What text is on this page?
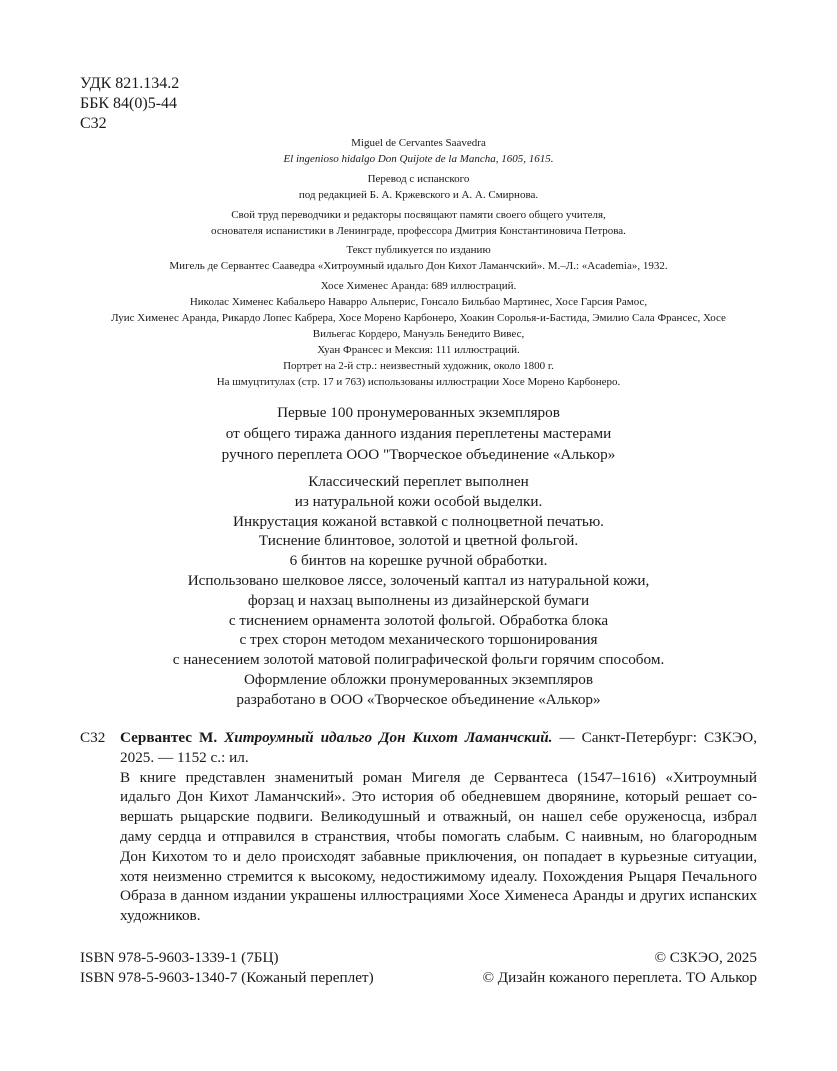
УДК 821.134.2
ББК 84(0)5-44
С32
Miguel de Cervantes Saavedra
El ingenioso hidalgo Don Quijote de la Mancha, 1605, 1615.
Перевод с испанского
под редакцией Б. А. Кржевского и А. А. Смирнова.
Свой труд переводчики и редакторы посвящают памяти своего общего учителя,
основателя испанистики в Ленинграде, профессора Дмитрия Константиновича Петрова.
Текст публикуется по изданию
Мигель де Сервантес Сааведра «Хитроумный идальго Дон Кихот Ламанчский». М.–Л.: «Academia», 1932.
Хосе Хименес Аранда: 689 иллюстраций.
Николас Хименес Кабальеро Наварро Альперис, Гонсало Бильбао Мартинес, Хосе Гарсия Рамос,
Луис Хименес Аранда, Рикардо Лопес Кабрера, Хосе Морено Карбонеро, Хоакин Соролья-и-Бастида, Эмилио Сала Франсес, Хосе
Вильегас Кордеро, Мануэль Бенедито Вивес,
Хуан Франсес и Мексия: 111 иллюстраций.
Портрет на 2-й стр.: неизвестный художник, около 1800 г.
На шмуцтитулах (стр. 17 и 763) использованы иллюстрации Хосе Морено Карбонеро.
Первые 100 пронумерованных экземпляров
от общего тиража данного издания переплетены мастерами
ручного переплета ООО "Творческое объединение «Алькор»
Классический переплет выполнен
из натуральной кожи особой выделки.
Инкрустация кожаной вставкой с полноцветной печатью.
Тиснение блинтовое, золотой и цветной фольгой.
6 бинтов на корешке ручной обработки.
Использовано шелковое ляссе, золоченый каптал из натуральной кожи,
форзац и нахзац выполнены из дизайнерской бумаги
с тиснением орнамента золотой фольгой. Обработка блока
с трех сторон методом механического торшонирования
с нанесением золотой матовой полиграфической фольги горячим способом.
Оформление обложки пронумерованных экземпляров
разработано в ООО «Творческое объединение «Алькор»
С32 Сервантес М. Хитроумный идальго Дон Кихот Ламанчский. — Санкт-Петербург: СЗКЭО, 2025. — 1152 с.: ил.
В книге представлен знаменитый роман Мигеля де Сервантеса (1547–1616) «Хитроумный идальго Дон Кихот Ламанчский». Это история об обедневшем дворянине, который решает совершать рыцарские подвиги. Великодушный и отважный, он нашел себе оруженосца, избрал даму сердца и отправился в странствия, чтобы помогать слабым. С наивным, но благородным Дон Кихотом то и дело происходят забавные приключения, он попадает в курьезные ситуации, хотя неизменно стремится к высокому, недостижимому идеалу. Похождения Рыцаря Печального Образа в данном издании украшены иллюстрациями Хосе Хименеса Аранды и других испанских художников.
ISBN 978-5-9603-1339-1 (7БЦ)
ISBN 978-5-9603-1340-7 (Кожаный переплет)
© СЗКЭО, 2025
© Дизайн кожаного переплета. ТО Алькор
